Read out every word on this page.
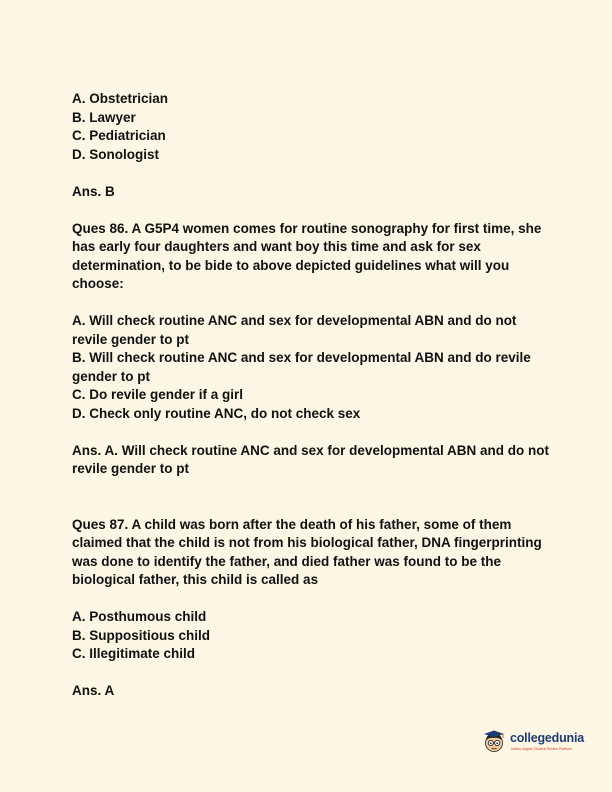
A. Obstetrician
B. Lawyer
C. Pediatrician
D. Sonologist
Ans. B
Ques 86. A G5P4 women comes for routine sonography for first time, she
has early four daughters and want boy this time and ask for sex
determination, to be bide to above depicted guidelines what will you
choose:
A. Will check routine ANC and sex for developmental ABN and do not
revile gender to pt
B. Will check routine ANC and sex for developmental ABN and do revile
gender to pt
C. Do revile gender if a girl
D. Check only routine ANC, do not check sex
Ans. A. Will check routine ANC and sex for developmental ABN and do not
revile gender to pt
Ques 87. A child was born after the death of his father, some of them
claimed that the child is not from his biological father, DNA fingerprinting
was done to identify the father, and died father was found to be the
biological father, this child is called as
A. Posthumous child
B. Suppositious child
C. Illegitimate child
Ans. A
collegedunia
India's largest Student Review Platform
